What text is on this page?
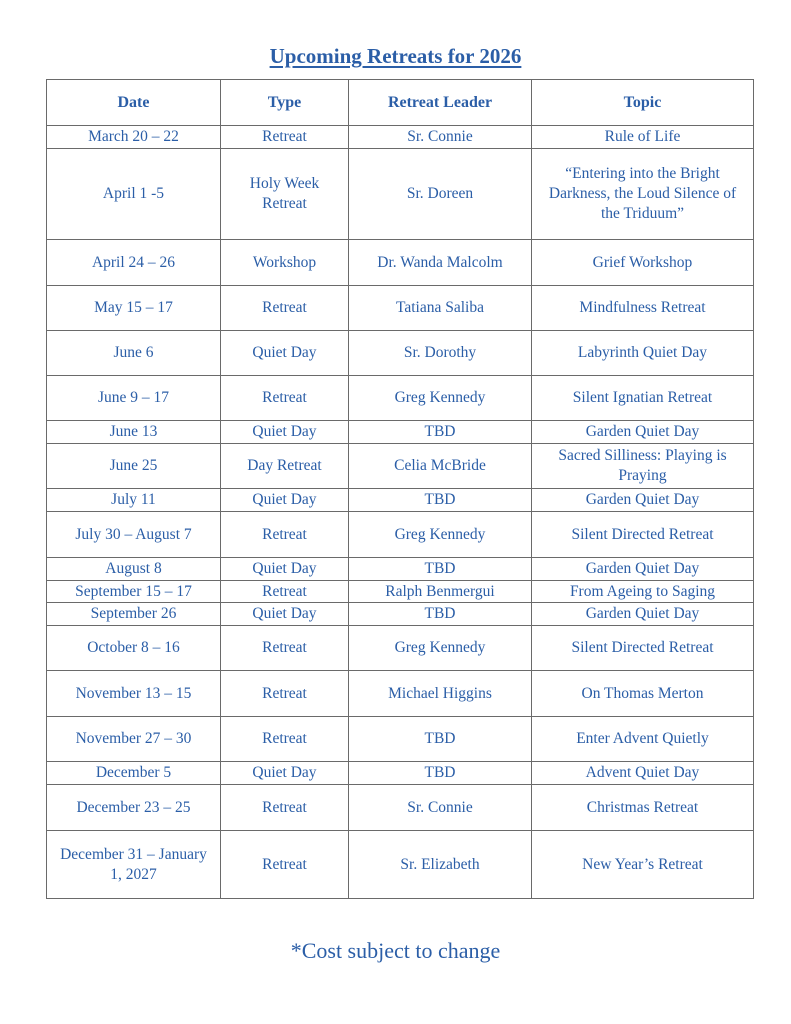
Upcoming Retreats for 2026
Date	Type	Retreat Leader	Topic
March 20 – 22	Retreat	Sr. Connie	Rule of Life
April 1 -5	Holy Week Retreat	Sr. Doreen	“Entering into the Bright Darkness, the Loud Silence of the Triduum”
April 24 – 26	Workshop	Dr. Wanda Malcolm	Grief Workshop
May 15 – 17	Retreat	Tatiana Saliba	Mindfulness Retreat
June 6	Quiet Day	Sr. Dorothy	Labyrinth Quiet Day
June 9 – 17	Retreat	Greg Kennedy	Silent Ignatian Retreat
June 13	Quiet Day	TBD	Garden Quiet Day
June 25	Day Retreat	Celia McBride	Sacred Silliness: Playing is Praying
July 11	Quiet Day	TBD	Garden Quiet Day
July 30 – August 7	Retreat	Greg Kennedy	Silent Directed Retreat
August 8	Quiet Day	TBD	Garden Quiet Day
September 15 – 17	Retreat	Ralph Benmergui	From Ageing to Saging
September 26	Quiet Day	TBD	Garden Quiet Day
October 8 – 16	Retreat	Greg Kennedy	Silent Directed Retreat
November 13 – 15	Retreat	Michael Higgins	On Thomas Merton
November 27 – 30	Retreat	TBD	Enter Advent Quietly
December 5	Quiet Day	TBD	Advent Quiet Day
December 23 – 25	Retreat	Sr. Connie	Christmas Retreat
December 31 – January 1, 2027	Retreat	Sr. Elizabeth	New Year’s Retreat
*Cost subject to change
